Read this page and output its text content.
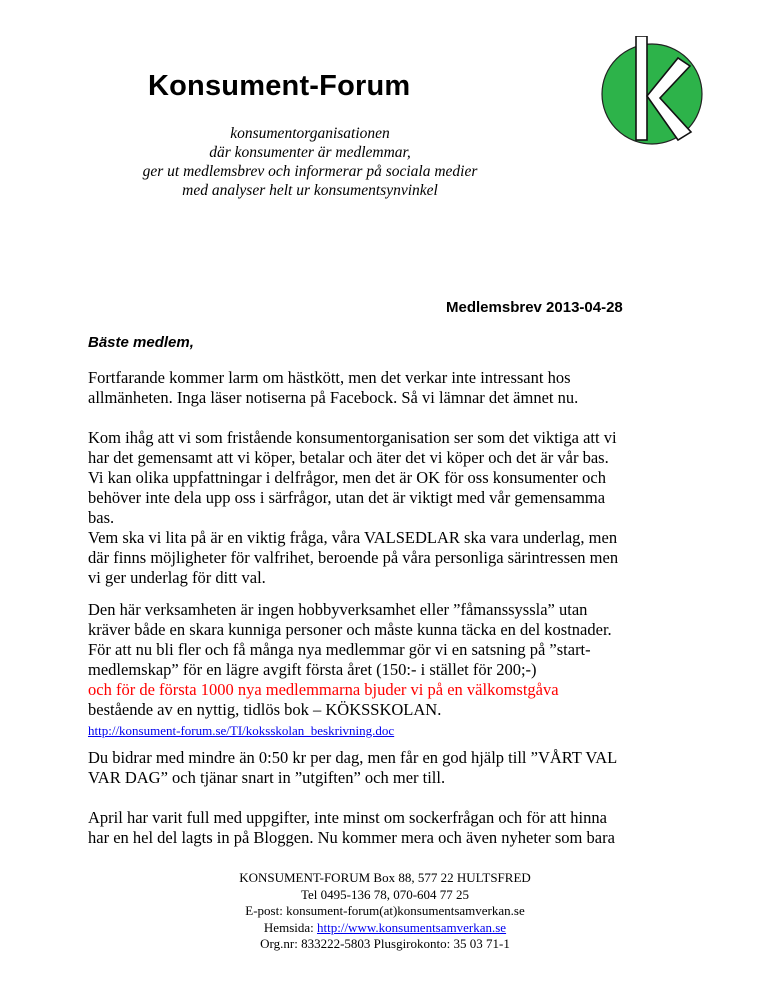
Konsument-Forum
konsumentorganisationen
där konsumenter är medlemmar,
ger ut medlemsbrev och informerar på sociala medier
med analyser helt ur konsumentsynvinkel
Medlemsbrev 2013-04-28
Bäste medlem,
Fortfarande kommer larm om hästkött, men det verkar inte intressant hos
allmänheten. Inga läser notiserna på Facebock. Så vi lämnar det ämnet nu.
Kom ihåg att vi som fristående konsumentorganisation ser som det viktiga att vi
har det gemensamt att vi köper, betalar och äter det vi köper och det är vår bas.
Vi kan olika uppfattningar i delfrågor, men det är OK för oss konsumenter och
behöver inte dela upp oss i särfrågor, utan det är viktigt med vår gemensamma
bas.
Vem ska vi lita på är en viktig fråga, våra VALSEDLAR ska vara underlag, men
där finns möjligheter för valfrihet, beroende på våra personliga särintressen men
vi ger underlag för ditt val.
Den här verksamheten är ingen hobbyverksamhet eller ”fåmanssyssla” utan
kräver både en skara kunniga personer och måste kunna täcka en del kostnader.
För att nu bli fler och få många nya medlemmar gör vi en satsning på ”start-
medlemskap” för en lägre avgift första året (150:- i stället för 200;-)
och för de första 1000 nya medlemmarna bjuder vi på en välkomstgåva
bestående av en nyttig, tidlös bok – KÖKSSKOLAN.
http://konsument-forum.se/TI/koksskolan_beskrivning.doc
Du bidrar med mindre än 0:50 kr per dag, men får en god hjälp till ”VÅRT VAL
VAR DAG” och tjänar snart in ”utgiften” och mer till.
April har varit full med uppgifter, inte minst om sockerfrågan och för att hinna
har en hel del lagts in på Bloggen. Nu kommer mera och även nyheter som bara
KONSUMENT-FORUM Box 88, 577 22 HULTSFRED
Tel 0495-136 78, 070-604 77 25
E-post: konsument-forum(at)konsumentsamverkan.se
Hemsida: http://www.konsumentsamverkan.se
Org.nr: 833222-5803 Plusgirokonto: 35 03 71-1
